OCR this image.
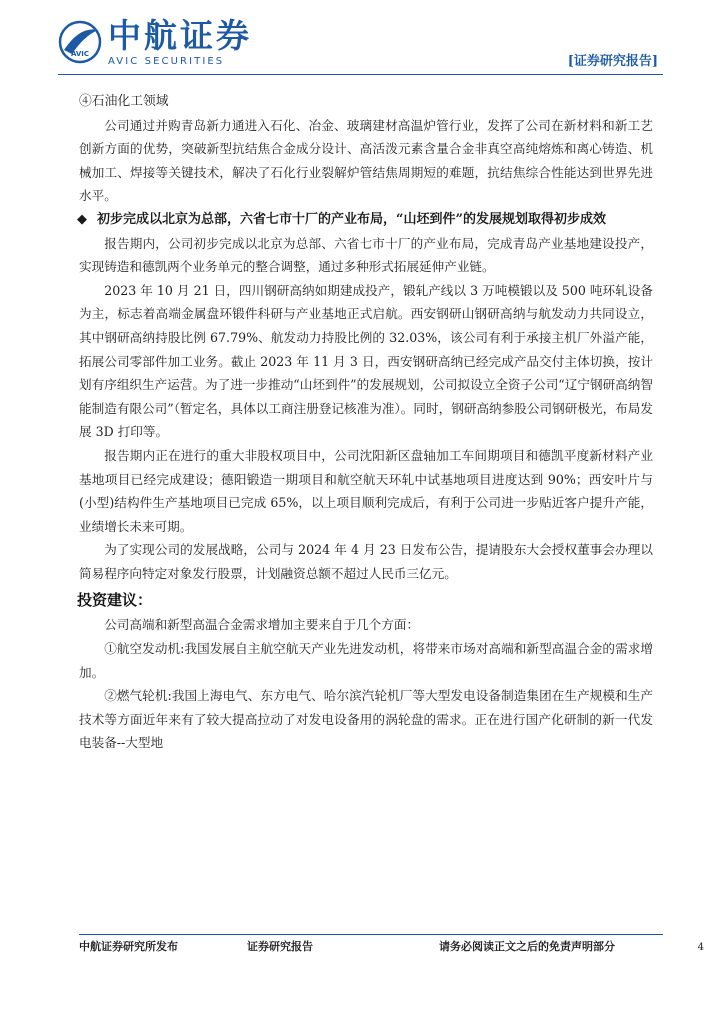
AVIC 中航证券
AVIC SECURITIES	[证券研究报告]

④石油化工领域

公司通过并购青岛新力通进入石化、冶金、玻璃建材高温炉管行业，发挥了公司在新材料和新工艺创新方面的优势，突破新型抗结焦合金成分设计、高活泼元素含量合金非真空高纯熔炼和离心铸造、机械加工、焊接等关键技术，解决了石化行业裂解炉管结焦周期短的难题，抗结焦综合性能达到世界先进水平。

◆ 初步完成以北京为总部，六省七市十厂的产业布局，“山坯到件”的发展规划取得初步成效

报告期内，公司初步完成以北京为总部、六省七市十厂的产业布局，完成青岛产业基地建设投产，实现铸造和德凯两个业务单元的整合调整，通过多种形式拓展延伸产业链。

2023 年 10 月 21 日，四川钢研高纳如期建成投产，锻轧产线以 3 万吨模锻以及 500 吨环轧设备为主，标志着高端金属盘环锻件科研与产业基地正式启航。西安钢研山钢研高纳与航发动力共同设立，其中钢研高纳持股比例 67.79%、航发动力持股比例的 32.03%，该公司有利于承接主机厂外溢产能，拓展公司零部件加工业务。截止 2023 年 11 月 3 日，西安钢研高纳已经完成产品交付主体切换，按计划有序组织生产运营。为了进一步推动“山坯到件”的发展规划，公司拟设立全资子公司“辽宁钢研高纳智能制造有限公司”（暂定名，具体以工商注册登记核准为准）。同时，钢研高纳参股公司钢研极光，布局发展 3D 打印等。

报告期内正在进行的重大非股权项目中，公司沈阳新区盘轴加工车间期项目和德凯平度新材料产业基地项目已经完成建设；德阳锻造一期项目和航空航天环轧中试基地项目进度达到 90%；西安叶片与(小型)结构件生产基地项目已完成 65%，以上项目顺利完成后，有利于公司进一步贴近客户提升产能，业绩增长未来可期。

为了实现公司的发展战略，公司与 2024 年 4 月 23 日发布公告，提请股东大会授权董事会办理以简易程序向特定对象发行股票，计划融资总额不超过人民币三亿元。

投资建议：

公司高端和新型高温合金需求增加主要来自于几个方面：

①航空发动机:我国发展自主航空航天产业先进发动机，将带来市场对高端和新型高温合金的需求增加。

②燃气轮机:我国上海电气、东方电气、哈尔滨汽轮机厂等大型发电设备制造集团在生产规模和生产技术等方面近年来有了较大提高拉动了对发电设备用的涡轮盘的需求。正在进行国产化研制的新一代发电装备--大型地

中航证券研究所发布	证券研究报告	请务必阅读正文之后的免责声明部分	4
